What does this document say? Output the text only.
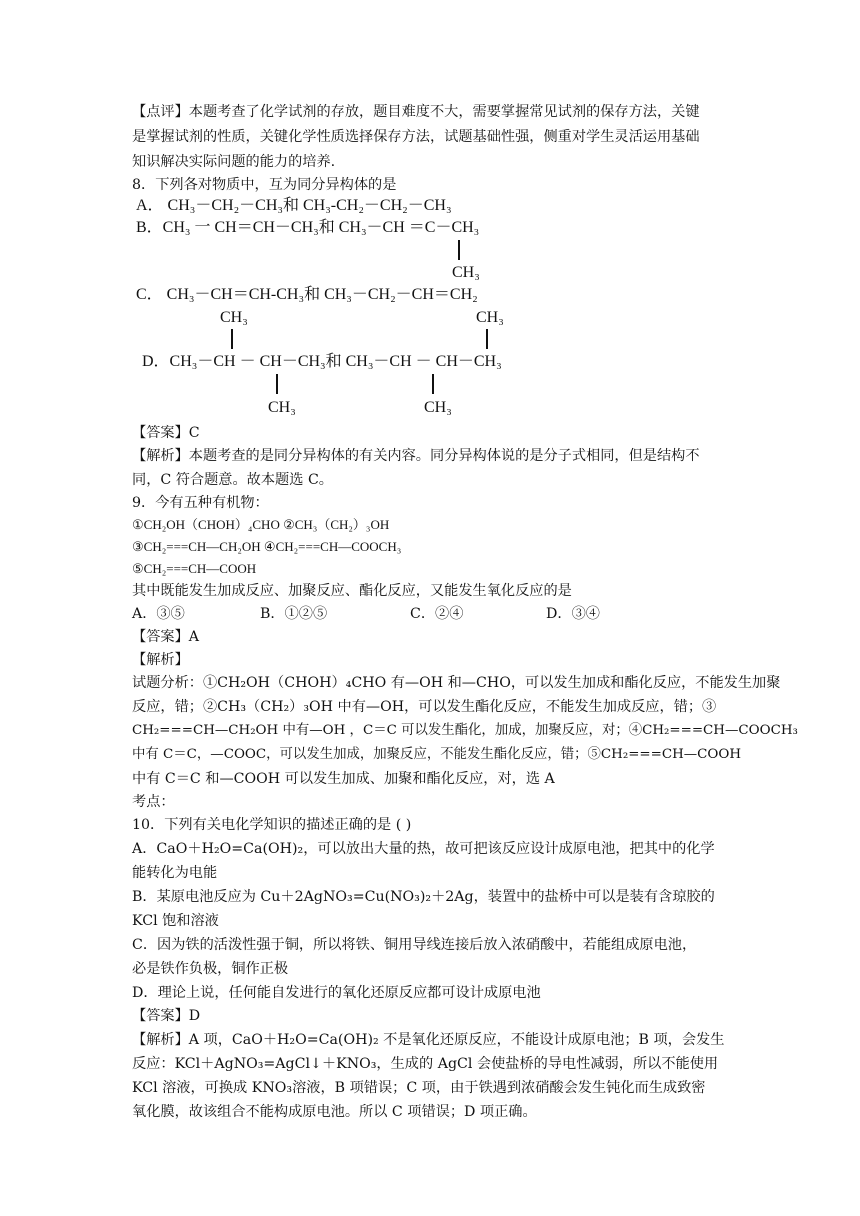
【点评】本题考查了化学试剂的存放，题目难度不大，需要掌握常见试剂的保存方法，关键
是掌握试剂的性质，关键化学性质选择保存方法，试题基础性强，侧重对学生灵活运用基础
知识解决实际问题的能力的培养.
8．下列各对物质中，互为同分异构体的是
A． CH₃－CH₂－CH₃和 CH₃-CH₂－CH₂－CH₃
B．CH₃ 一 CH＝CH－CH₃和 CH₃－CH ＝C－CH₃
CH₃
C． CH₃－CH＝CH-CH₃和 CH₃－CH₂－CH＝CH₂
CH₃	CH₃
D．CH₃－CH － CH－CH₃和 CH₃－CH － CH－CH₃
CH₃	CH₃
【答案】C
【解析】本题考查的是同分异构体的有关内容。同分异构体说的是分子式相同，但是结构不
同，C 符合题意。故本题选 C。
9．今有五种有机物：
①CH₂OH（CHOH）₄CHO ②CH₃（CH₂）₃OH
③CH₂===CH—CH₂OH ④CH₂===CH—COOCH₃
⑤CH₂===CH—COOH
其中既能发生加成反应、加聚反应、酯化反应，又能发生氧化反应的是
A．③⑤	B．①②⑤	C．②④	D．③④
【答案】A
【解析】
试题分析：①CH₂OH（CHOH）₄CHO 有—OH 和—CHO，可以发生加成和酯化反应，不能发生加聚
反应，错；②CH₃（CH₂）₃OH 中有—OH，可以发生酯化反应，不能发生加成反应，错；③
CH₂===CH—CH₂OH 中有—OH ，C＝C 可以发生酯化，加成，加聚反应，对；④CH₂===CH—COOCH₃
中有 C＝C，—COOC，可以发生加成，加聚反应，不能发生酯化反应，错；⑤CH₂===CH—COOH
中有 C＝C 和—COOH 可以发生加成、加聚和酯化反应，对，选 A
考点：
10．下列有关电化学知识的描述正确的是 ( )
A．CaO＋H₂O=Ca(OH)₂，可以放出大量的热，故可把该反应设计成原电池，把其中的化学
能转化为电能
B．某原电池反应为 Cu＋2AgNO₃=Cu(NO₃)₂＋2Ag，装置中的盐桥中可以是装有含琼胶的
KCl 饱和溶液
C．因为铁的活泼性强于铜，所以将铁、铜用导线连接后放入浓硝酸中，若能组成原电池，
必是铁作负极，铜作正极
D．理论上说，任何能自发进行的氧化还原反应都可设计成原电池
【答案】D
【解析】A 项，CaO＋H₂O=Ca(OH)₂ 不是氧化还原反应，不能设计成原电池；B 项，会发生
反应：KCl＋AgNO₃=AgCl↓＋KNO₃，生成的 AgCl 会使盐桥的导电性减弱，所以不能使用
KCl 溶液，可换成 KNO₃溶液，B 项错误；C 项，由于铁遇到浓硝酸会发生钝化而生成致密
氧化膜，故该组合不能构成原电池。所以 C 项错误；D 项正确。
